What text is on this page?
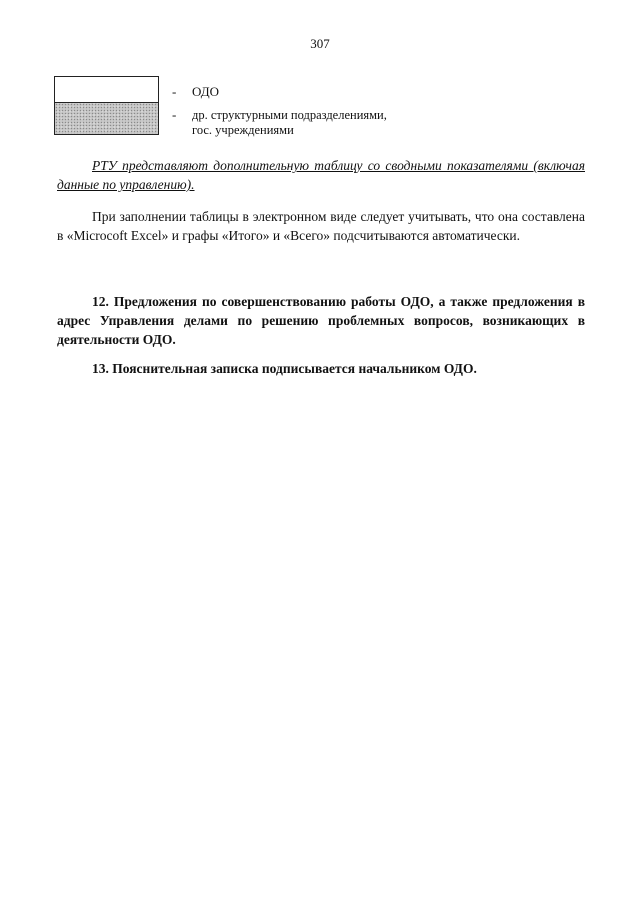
307
- ОДО
- др. структурными подразделениями,
гос. учреждениями
РТУ представляют дополнительную таблицу со сводными показателями (включая данные по управлению).
При заполнении таблицы в электронном виде следует учитывать, что она составлена в «Microcoft Excel» и графы «Итого» и «Всего» подсчитываются автоматически.
12. Предложения по совершенствованию работы ОДО, а также предложения в адрес Управления делами по решению проблемных вопросов, возникающих в деятельности ОДО.
13. Пояснительная записка подписывается начальником ОДО.
